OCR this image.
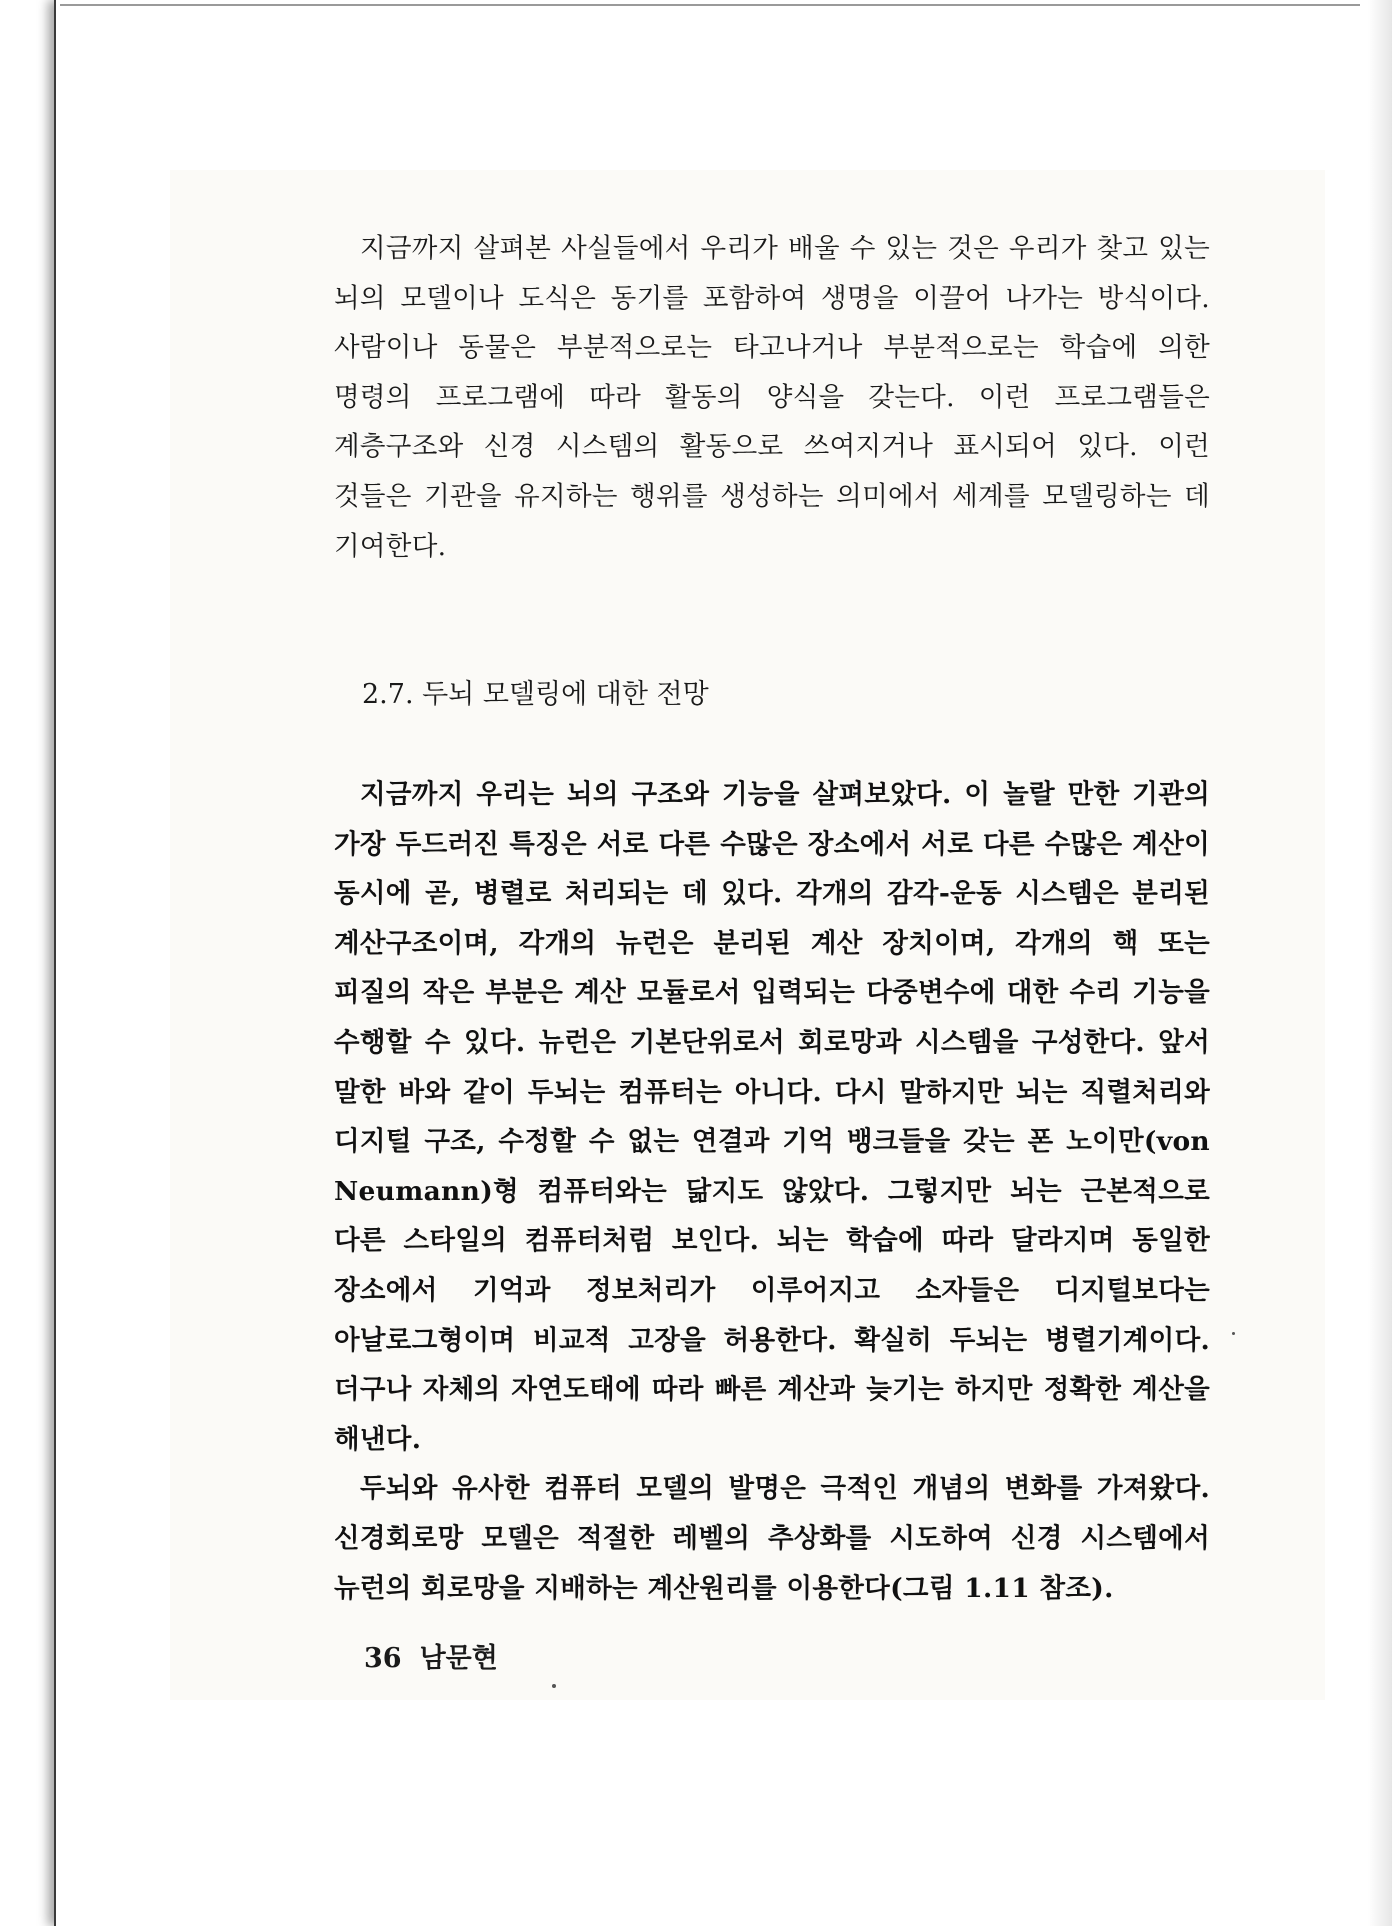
지금까지 살펴본 사실들에서 우리가 배울 수 있는 것은 우리가 찾고 있는 뇌의 모델이나 도식은 동기를 포함하여 생명을 이끌어 나가는 방식이다. 사람이나 동물은 부분적으로는 타고나거나 부분적으로는 학습에 의한 명령의 프로그램에 따라 활동의 양식을 갖는다. 이런 프로그램들은 계층구조와 신경 시스템의 활동으로 쓰여지거나 표시되어 있다. 이런 것들은 기관을 유지하는 행위를 생성하는 의미에서 세계를 모델링하는 데 기여한다.

2.7. 두뇌 모델링에 대한 전망

지금까지 우리는 뇌의 구조와 기능을 살펴보았다. 이 놀랄 만한 기관의 가장 두드러진 특징은 서로 다른 수많은 장소에서 서로 다른 수많은 계산이 동시에 곧, 병렬로 처리되는 데 있다. 각개의 감각-운동 시스템은 분리된 계산구조이며, 각개의 뉴런은 분리된 계산 장치이며, 각개의 핵 또는 피질의 작은 부분은 계산 모듈로서 입력되는 다중변수에 대한 수리 기능을 수행할 수 있다. 뉴런은 기본단위로서 회로망과 시스템을 구성한다. 앞서 말한 바와 같이 두뇌는 컴퓨터는 아니다. 다시 말하지만 뇌는 직렬처리와 디지털 구조, 수정할 수 없는 연결과 기억 뱅크들을 갖는 폰 노이만(von Neumann)형 컴퓨터와는 닮지도 않았다. 그렇지만 뇌는 근본적으로 다른 스타일의 컴퓨터처럼 보인다. 뇌는 학습에 따라 달라지며 동일한 장소에서 기억과 정보처리가 이루어지고 소자들은 디지털보다는 아날로그형이며 비교적 고장을 허용한다. 확실히 두뇌는 병렬기계이다. 더구나 자체의 자연도태에 따라 빠른 계산과 늦기는 하지만 정확한 계산을 해낸다.

두뇌와 유사한 컴퓨터 모델의 발명은 극적인 개념의 변화를 가져왔다. 신경회로망 모델은 적절한 레벨의 추상화를 시도하여 신경 시스템에서 뉴런의 회로망을 지배하는 계산원리를 이용한다(그림 1.11 참조).

36 남문현
